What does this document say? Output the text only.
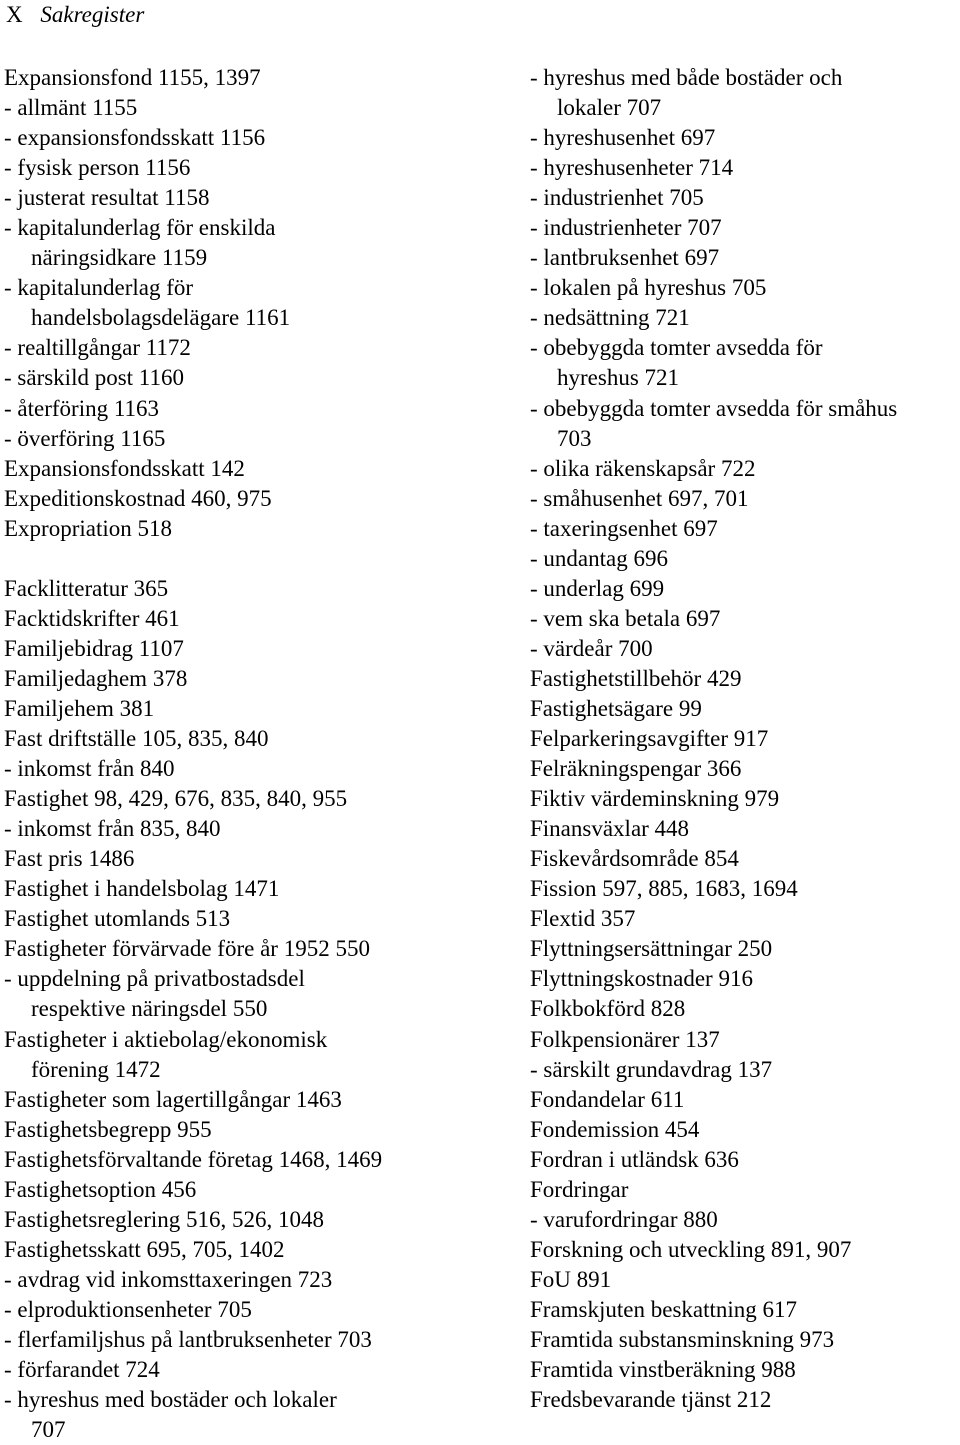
X Sakregister
Expansionsfond 1155, 1397
- allmänt 1155
- expansionsfondsskatt 1156
- fysisk person 1156
- justerat resultat 1158
- kapitalunderlag för enskilda
näringsidkare 1159
- kapitalunderlag för
handelsbolagsdelägare 1161
- realtillgångar 1172
- särskild post 1160
- återföring 1163
- överföring 1165
Expansionsfondsskatt 142
Expeditionskostnad 460, 975
Expropriation 518
Facklitteratur 365
Facktidskrifter 461
Familjebidrag 1107
Familjedaghem 378
Familjehem 381
Fast driftställe 105, 835, 840
- inkomst från 840
Fastighet 98, 429, 676, 835, 840, 955
- inkomst från 835, 840
Fast pris 1486
Fastighet i handelsbolag 1471
Fastighet utomlands 513
Fastigheter förvärvade före år 1952 550
- uppdelning på privatbostadsdel
respektive näringsdel 550
Fastigheter i aktiebolag/ekonomisk
förening 1472
Fastigheter som lagertillgångar 1463
Fastighetsbegrepp 955
Fastighetsförvaltande företag 1468, 1469
Fastighetsoption 456
Fastighetsreglering 516, 526, 1048
Fastighetsskatt 695, 705, 1402
- avdrag vid inkomsttaxeringen 723
- elproduktionsenheter 705
- flerfamiljshus på lantbruksenheter 703
- förfarandet 724
- hyreshus med bostäder och lokaler
707
- hyreshus med både bostäder och
lokaler 707
- hyreshusenhet 697
- hyreshusenheter 714
- industrienhet 705
- industrienheter 707
- lantbruksenhet 697
- lokalen på hyreshus 705
- nedsättning 721
- obebyggda tomter avsedda för
hyreshus 721
- obebyggda tomter avsedda för småhus
703
- olika räkenskapsår 722
- småhusenhet 697, 701
- taxeringsenhet 697
- undantag 696
- underlag 699
- vem ska betala 697
- värdeår 700
Fastighetstillbehör 429
Fastighetsägare 99
Felparkeringsavgifter 917
Felräkningspengar 366
Fiktiv värdeminskning 979
Finansväxlar 448
Fiskevårdsområde 854
Fission 597, 885, 1683, 1694
Flextid 357
Flyttningsersättningar 250
Flyttningskostnader 916
Folkbokförd 828
Folkpensionärer 137
- särskilt grundavdrag 137
Fondandelar 611
Fondemission 454
Fordran i utländsk 636
Fordringar
- varufordringar 880
Forskning och utveckling 891, 907
FoU 891
Framskjuten beskattning 617
Framtida substansminskning 973
Framtida vinstberäkning 988
Fredsbevarande tjänst 212
